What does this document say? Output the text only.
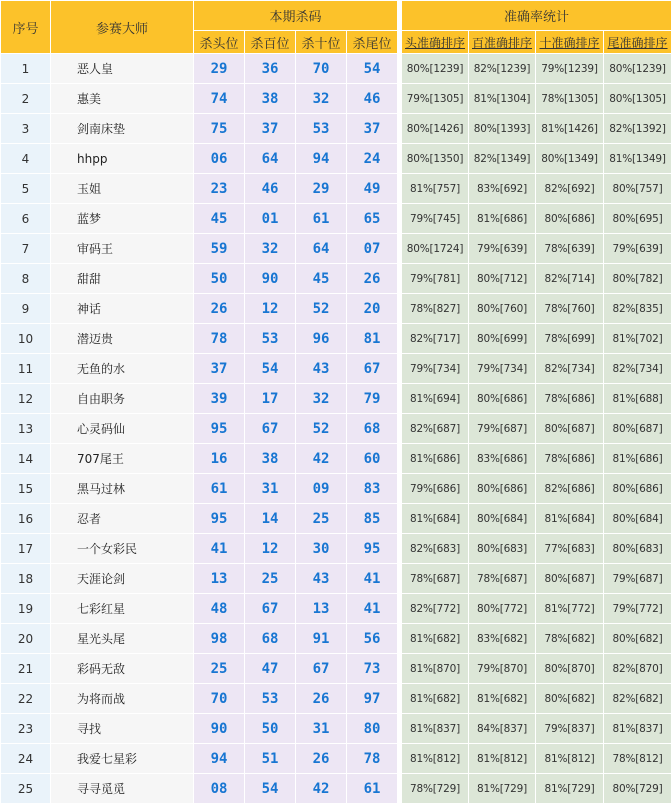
序号	参赛大师	本期杀码					准确率统计			
		杀头位	杀百位	杀十位	杀尾位		头准确排序	百准确排序	十准确排序	尾准确排序
1	恶人皇	29	36	70	54		80%[1239]	82%[1239]	79%[1239]	80%[1239]
2	惠美	74	38	32	46		79%[1305]	81%[1304]	78%[1305]	80%[1305]
3	剑南床垫	75	37	53	37		80%[1426]	80%[1393]	81%[1426]	82%[1392]
4	hhpp	06	64	94	24		80%[1350]	82%[1349]	80%[1349]	81%[1349]
5	玉姐	23	46	29	49		81%[757]	83%[692]	82%[692]	80%[757]
6	蓝梦	45	01	61	65		79%[745]	81%[686]	80%[686]	80%[695]
7	审码王	59	32	64	07		80%[1724]	79%[639]	78%[639]	79%[639]
8	甜甜	50	90	45	26		79%[781]	80%[712]	82%[714]	80%[782]
9	神话	26	12	52	20		78%[827]	80%[760]	78%[760]	82%[835]
10	潜迈贵	78	53	96	81		82%[717]	80%[699]	78%[699]	81%[702]
11	无鱼的水	37	54	43	67		79%[734]	79%[734]	82%[734]	82%[734]
12	自由职务	39	17	32	79		81%[694]	80%[686]	78%[686]	81%[688]
13	心灵码仙	95	67	52	68		82%[687]	79%[687]	80%[687]	80%[687]
14	707尾王	16	38	42	60		81%[686]	83%[686]	78%[686]	81%[686]
15	黑马过林	61	31	09	83		79%[686]	80%[686]	82%[686]	80%[686]
16	忍者	95	14	25	85		81%[684]	80%[684]	81%[684]	80%[684]
17	一个女彩民	41	12	30	95		82%[683]	80%[683]	77%[683]	80%[683]
18	天涯论剑	13	25	43	41		78%[687]	78%[687]	80%[687]	79%[687]
19	七彩红星	48	67	13	41		82%[772]	80%[772]	81%[772]	79%[772]
20	星光头尾	98	68	91	56		81%[682]	83%[682]	78%[682]	80%[682]
21	彩码无敌	25	47	67	73		81%[870]	79%[870]	80%[870]	82%[870]
22	为将而战	70	53	26	97		81%[682]	81%[682]	80%[682]	82%[682]
23	寻找	90	50	31	80		81%[837]	84%[837]	79%[837]	81%[837]
24	我爱七星彩	94	51	26	78		81%[812]	81%[812]	81%[812]	78%[812]
25	寻寻觅觅	08	54	42	61		78%[729]	81%[729]	81%[729]	80%[729]
